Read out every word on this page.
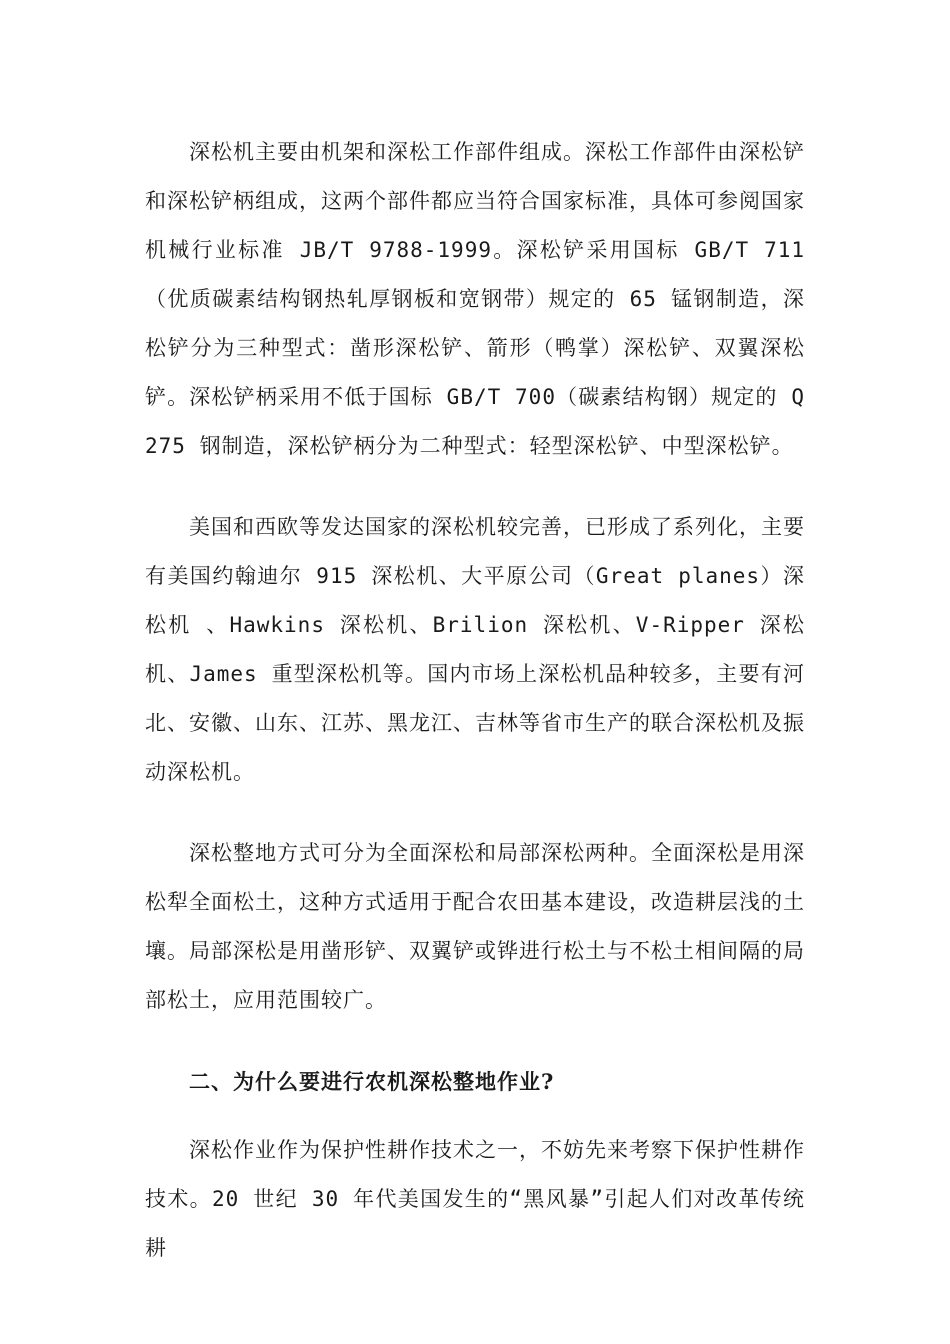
深松机主要由机架和深松工作部件组成。深松工作部件由深松铲和深松铲柄组成，这两个部件都应当符合国家标准，具体可参阅国家机械行业标准 JB/T 9788-1999。深松铲采用国标 GB/T 711（优质碳素结构钢热轧厚钢板和宽钢带）规定的 65 锰钢制造，深松铲分为三种型式：凿形深松铲、箭形（鸭掌）深松铲、双翼深松铲。深松铲柄采用不低于国标 GB/T 700（碳素结构钢）规定的 Q275 钢制造，深松铲柄分为二种型式：轻型深松铲、中型深松铲。

美国和西欧等发达国家的深松机较完善，已形成了系列化，主要有美国约翰迪尔 915 深松机、大平原公司（Great planes）深松机 、Hawkins 深松机、Brilion 深松机、V-Ripper 深松机、James 重型深松机等。国内市场上深松机品种较多，主要有河北、安徽、山东、江苏、黑龙江、吉林等省市生产的联合深松机及振动深松机。

深松整地方式可分为全面深松和局部深松两种。全面深松是用深松犁全面松土，这种方式适用于配合农田基本建设，改造耕层浅的土壤。局部深松是用凿形铲、双翼铲或铧进行松土与不松土相间隔的局部松土，应用范围较广。

二、为什么要进行农机深松整地作业?

深松作业作为保护性耕作技术之一，不妨先来考察下保护性耕作技术。20 世纪 30 年代美国发生的“黑风暴”引起人们对改革传统耕
